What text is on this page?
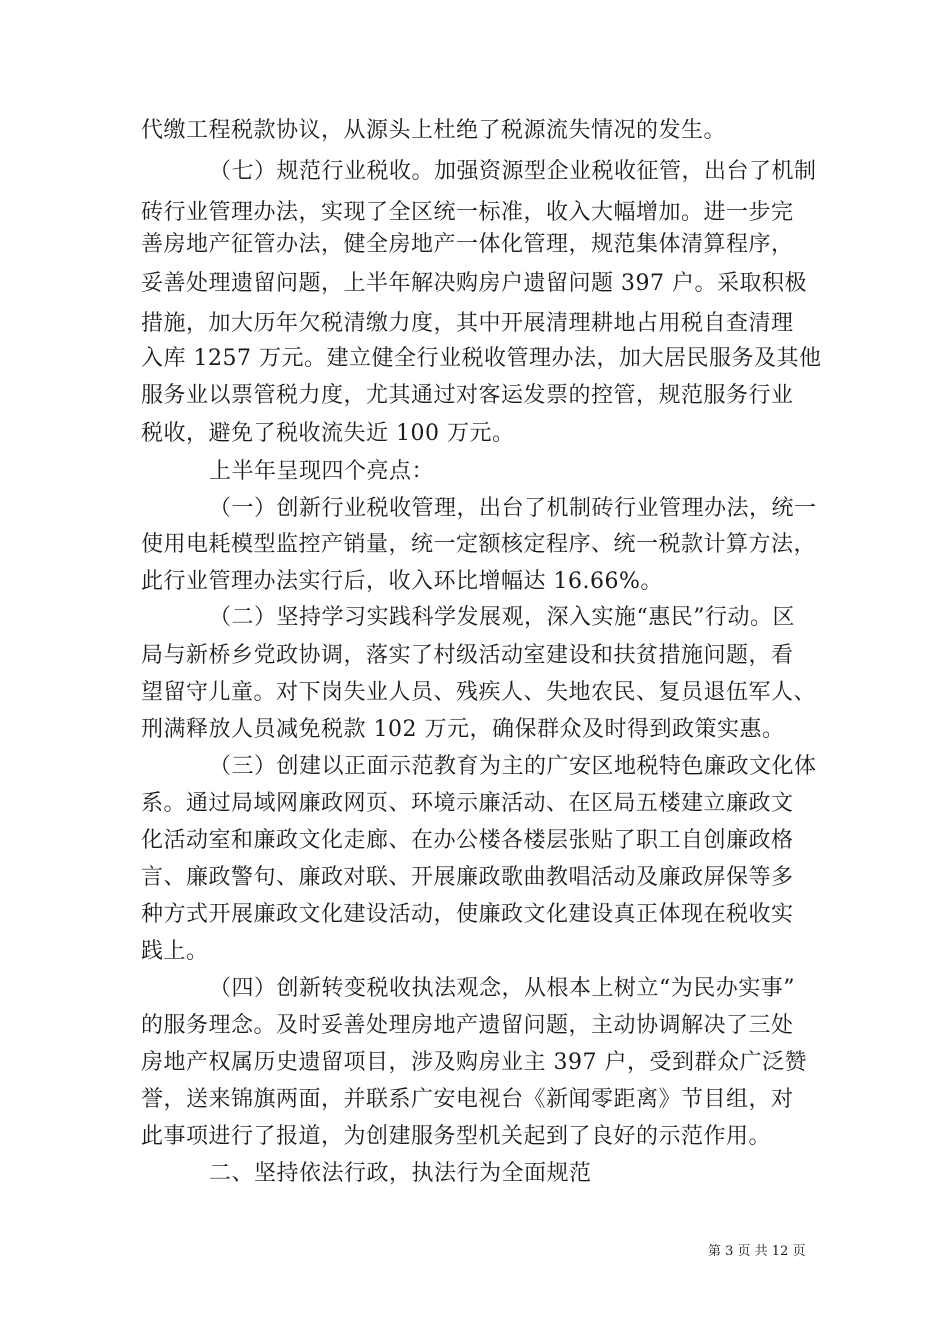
代缴工程税款协议，从源头上杜绝了税源流失情况的发生。
（七）规范行业税收。加强资源型企业税收征管，出台了机制
砖行业管理办法，实现了全区统一标准，收入大幅增加。进一步完
善房地产征管办法，健全房地产一体化管理，规范集体清算程序，
妥善处理遗留问题，上半年解决购房户遗留问题 397 户。采取积极
措施，加大历年欠税清缴力度，其中开展清理耕地占用税自查清理
入库 1257 万元。建立健全行业税收管理办法，加大居民服务及其他
服务业以票管税力度，尤其通过对客运发票的控管，规范服务行业
税收，避免了税收流失近 100 万元。
上半年呈现四个亮点：
（一）创新行业税收管理，出台了机制砖行业管理办法，统一
使用电耗模型监控产销量，统一定额核定程序、统一税款计算方法，
此行业管理办法实行后，收入环比增幅达 16.66%。
（二）坚持学习实践科学发展观，深入实施“惠民”行动。区
局与新桥乡党政协调，落实了村级活动室建设和扶贫措施问题，看
望留守儿童。对下岗失业人员、残疾人、失地农民、复员退伍军人、
刑满释放人员减免税款 102 万元，确保群众及时得到政策实惠。
（三）创建以正面示范教育为主的广安区地税特色廉政文化体
系。通过局域网廉政网页、环境示廉活动、在区局五楼建立廉政文
化活动室和廉政文化走廊、在办公楼各楼层张贴了职工自创廉政格
言、廉政警句、廉政对联、开展廉政歌曲教唱活动及廉政屏保等多
种方式开展廉政文化建设活动，使廉政文化建设真正体现在税收实
践上。
（四）创新转变税收执法观念，从根本上树立“为民办实事”
的服务理念。及时妥善处理房地产遗留问题，主动协调解决了三处
房地产权属历史遗留项目，涉及购房业主 397 户，受到群众广泛赞
誉，送来锦旗两面，并联系广安电视台《新闻零距离》节目组，对
此事项进行了报道，为创建服务型机关起到了良好的示范作用。
二、坚持依法行政，执法行为全面规范
第 3 页 共 12 页
